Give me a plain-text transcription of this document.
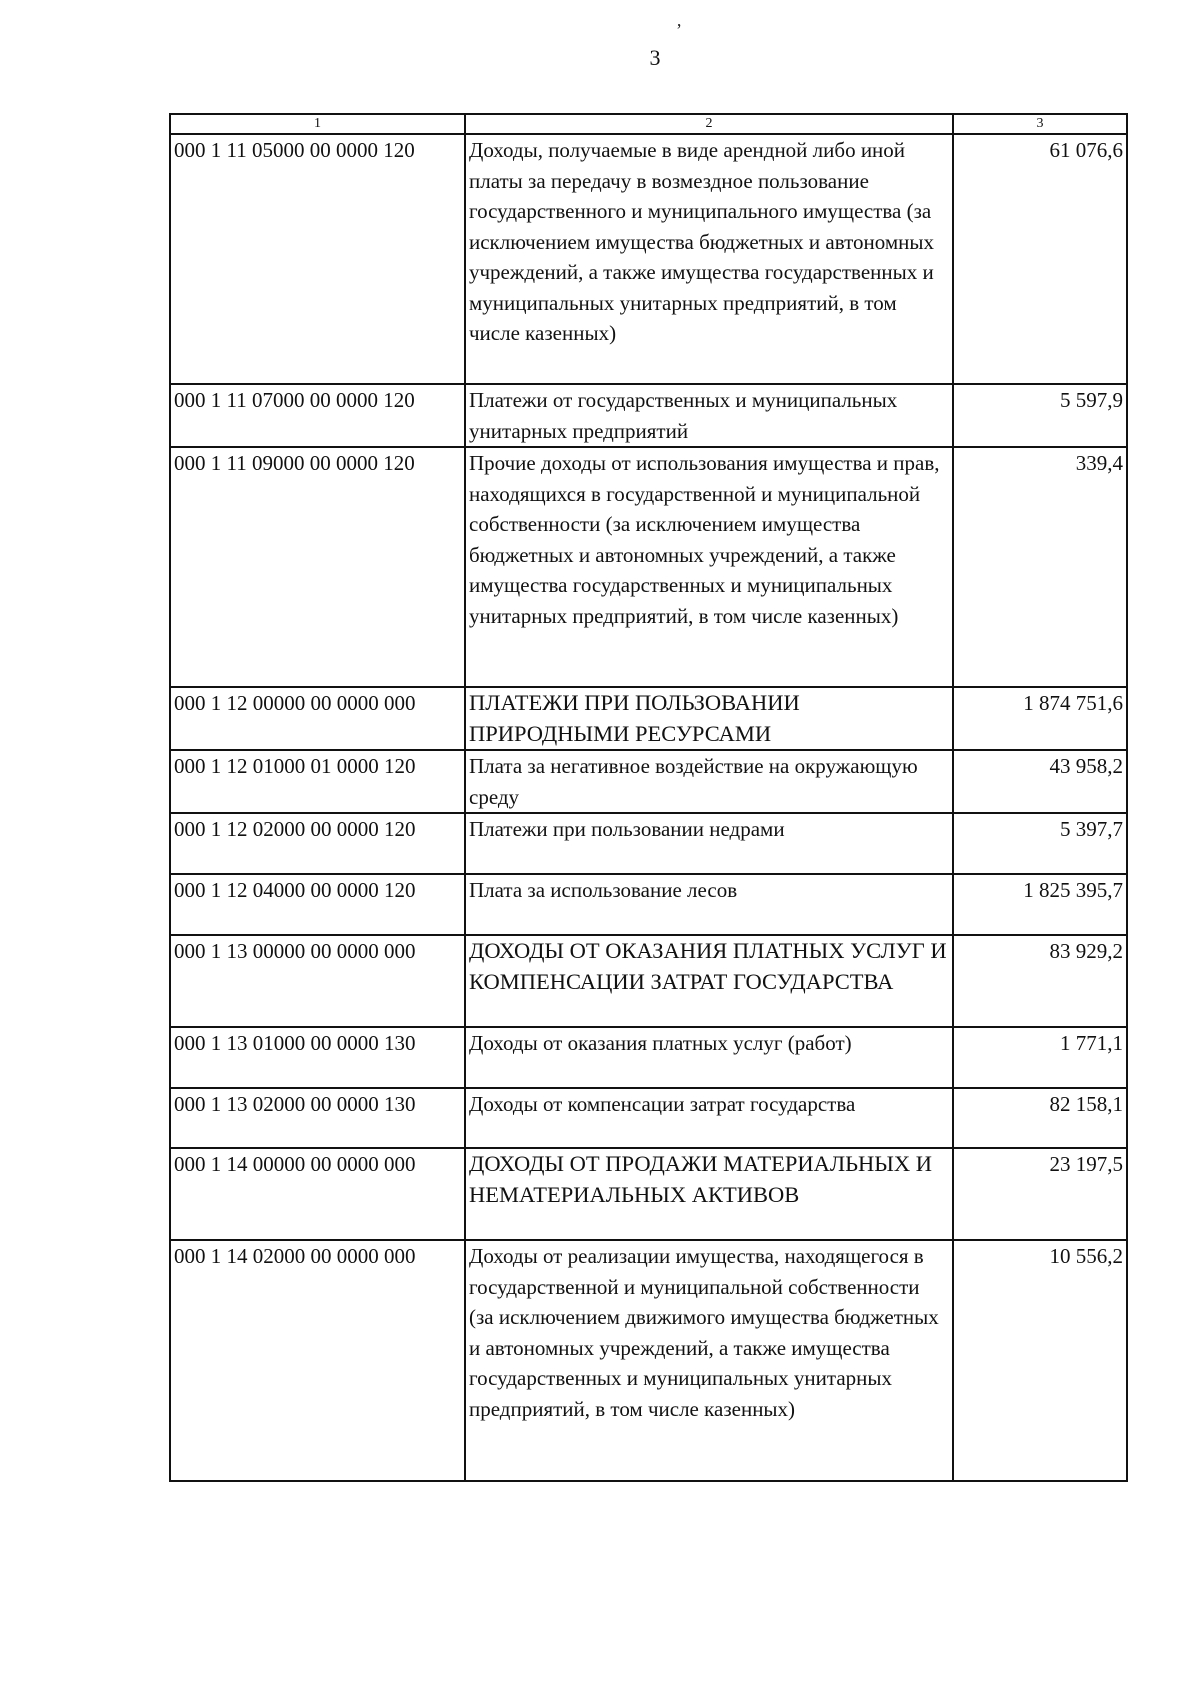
3
’
1	2	3
000 1 11 05000 00 0000 120	Доходы, получаемые в виде арендной либо иной платы за передачу в возмездное пользование государственного и муниципального имущества (за исключением имущества бюджетных и автономных учреждений, а также имущества государственных и муниципальных унитарных предприятий, в том числе казенных)	61 076,6
000 1 11 07000 00 0000 120	Платежи от государственных и муниципальных унитарных предприятий	5 597,9
000 1 11 09000 00 0000 120	Прочие доходы от использования имущества и прав, находящихся в государственной и муниципальной собственности (за исключением имущества бюджетных и автономных учреждений, а также имущества государственных и муниципальных унитарных предприятий, в том числе казенных)	339,4
000 1 12 00000 00 0000 000	ПЛАТЕЖИ ПРИ ПОЛЬЗОВАНИИ ПРИРОДНЫМИ РЕСУРСАМИ	1 874 751,6
000 1 12 01000 01 0000 120	Плата за негативное воздействие на окружающую среду	43 958,2
000 1 12 02000 00 0000 120	Платежи при пользовании недрами	5 397,7
000 1 12 04000 00 0000 120	Плата за использование лесов	1 825 395,7
000 1 13 00000 00 0000 000	ДОХОДЫ ОТ ОКАЗАНИЯ ПЛАТНЫХ УСЛУГ И КОМПЕНСАЦИИ ЗАТРАТ ГОСУДАРСТВА	83 929,2
000 1 13 01000 00 0000 130	Доходы от оказания платных услуг (работ)	1 771,1
000 1 13 02000 00 0000 130	Доходы от компенсации затрат государства	82 158,1
000 1 14 00000 00 0000 000	ДОХОДЫ ОТ ПРОДАЖИ МАТЕРИАЛЬНЫХ И НЕМАТЕРИАЛЬНЫХ АКТИВОВ	23 197,5
000 1 14 02000 00 0000 000	Доходы от реализации имущества, находящегося в государственной и муниципальной собственности (за исключением движимого имущества бюджетных и автономных учреждений, а также имущества государственных и муниципальных унитарных предприятий, в том числе казенных)	10 556,2
